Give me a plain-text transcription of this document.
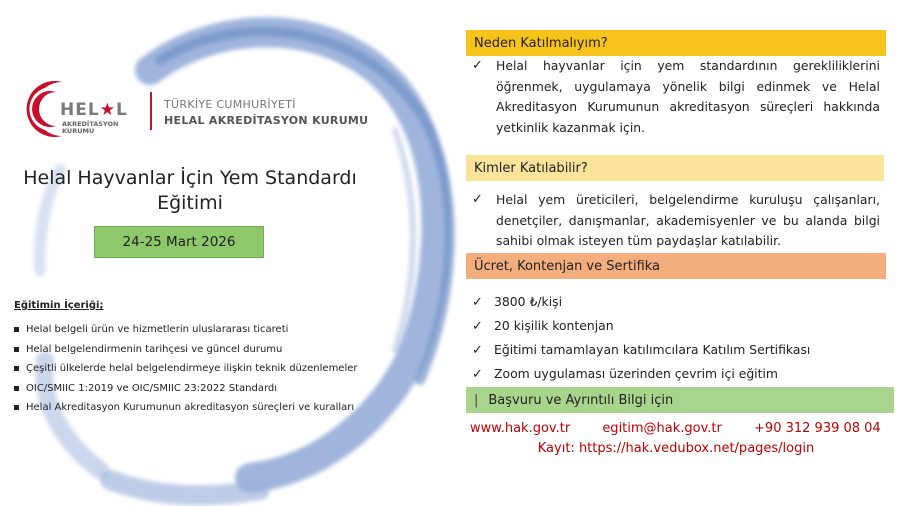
HEL★L
AKREDİTASYON
KURUMU
TÜRKİYE CUMHURİYETİ
HELAL AKREDİTASYON KURUMU
Helal Hayvanlar İçin Yem Standardı
Eğitimi
24-25 Mart 2026
Eğitimin İçeriği;
Helal belgeli ürün ve hizmetlerin uluslararası ticareti
Helal belgelendirmenin tarihçesi ve güncel durumu
Çeşitli ülkelerde helal belgelendirmeye ilişkin teknik düzenlemeler
OIC/SMIIC 1:2019 ve OIC/SMIIC 23:2022 Standardı
Helal Akreditasyon Kurumunun akreditasyon süreçleri ve kuralları
Neden Katılmalıyım?
✓ Helal hayvanlar için yem standardının gerekliliklerini öğrenmek, uygulamaya yönelik bilgi edinmek ve Helal Akreditasyon Kurumunun akreditasyon süreçleri hakkında yetkinlik kazanmak için.
Kimler Katılabilir?
✓ Helal yem üreticileri, belgelendirme kuruluşu çalışanları, denetçiler, danışmanlar, akademisyenler ve bu alanda bilgi sahibi olmak isteyen tüm paydaşlar katılabilir.
Ücret, Kontenjan ve Sertifika
✓ 3800 ₺/kişi
✓ 20 kişilik kontenjan
✓ Eğitimi tamamlayan katılımcılara Katılım Sertifikası
✓ Zoom uygulaması üzerinden çevrim içi eğitim
| Başvuru ve Ayrıntılı Bilgi için
www.hak.gov.tr egitim@hak.gov.tr +90 312 939 08 04
Kayıt: https://hak.vedubox.net/pages/login
